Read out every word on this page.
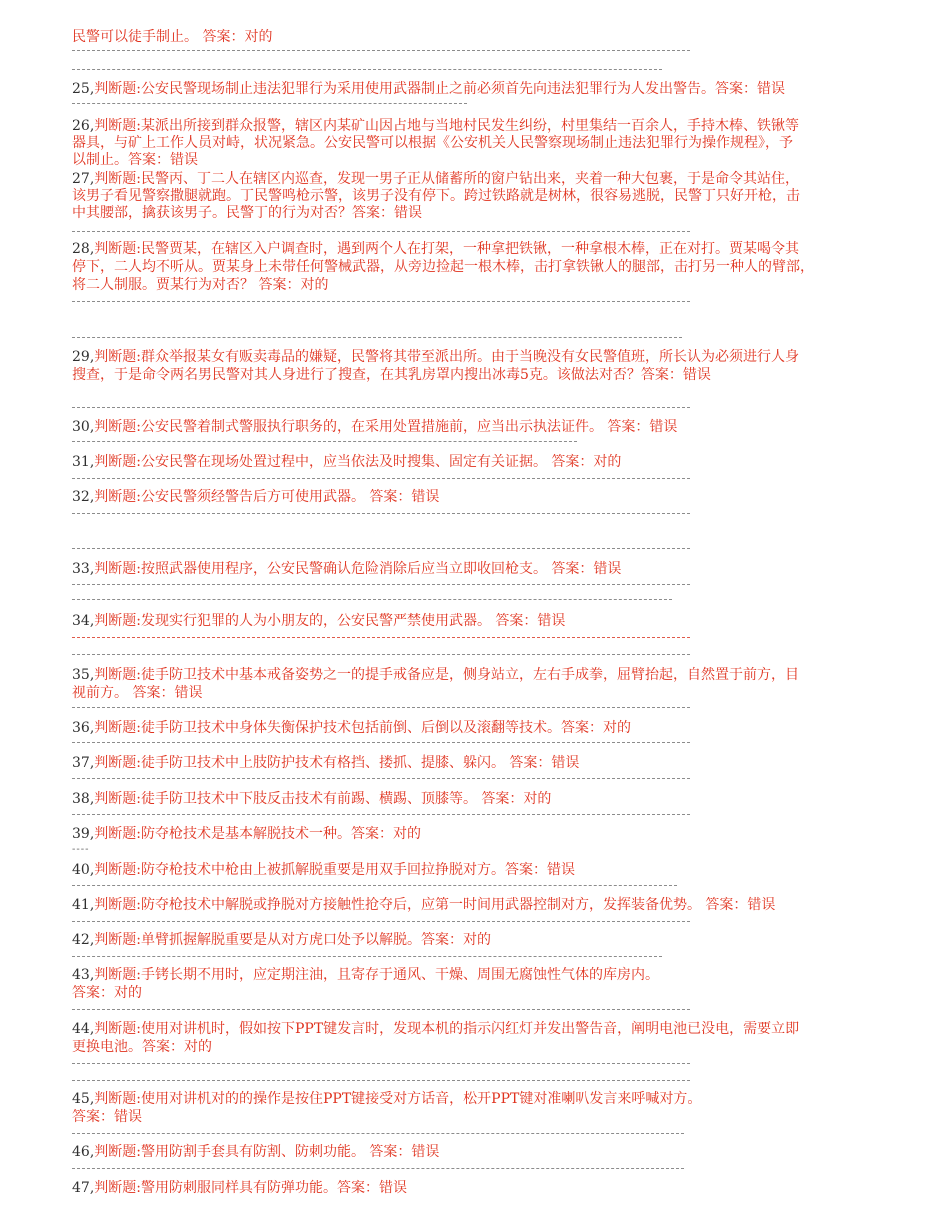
民警可以徒手制止。 答案：对的
25,判断题:公安民警现场制止违法犯罪行为采用使用武器制止之前必须首先向违法犯罪行为人发出警告。答案：错误
26,判断题:某派出所接到群众报警，辖区内某矿山因占地与当地村民发生纠纷，村里集结一百余人，手持木棒、铁锹等
器具，与矿上工作人员对峙，状况紧急。公安民警可以根据《公安机关人民警察现场制止违法犯罪行为操作规程》，予
以制止。答案：错误
27,判断题:民警丙、丁二人在辖区内巡查，发现一男子正从储蓄所的窗户钻出来，夹着一种大包裹，于是命令其站住，
该男子看见警察撒腿就跑。丁民警鸣枪示警，该男子没有停下。跨过铁路就是树林，很容易逃脱，民警丁只好开枪，击
中其腰部，擒获该男子。民警丁的行为对否？答案：错误
28,判断题:民警贾某，在辖区入户调查时，遇到两个人在打架，一种拿把铁锹，一种拿根木棒，正在对打。贾某喝令其
停下，二人均不听从。贾某身上未带任何警械武器，从旁边捡起一根木棒，击打拿铁锹人的腿部，击打另一种人的臂部，
将二人制服。贾某行为对否？ 答案：对的
29,判断题:群众举报某女有贩卖毒品的嫌疑，民警将其带至派出所。由于当晚没有女民警值班，所长认为必须进行人身
搜查，于是命令两名男民警对其人身进行了搜查，在其乳房罩内搜出冰毒5克。该做法对否？答案：错误
30,判断题:公安民警着制式警服执行职务的，在采用处置措施前，应当出示执法证件。 答案：错误
31,判断题:公安民警在现场处置过程中，应当依法及时搜集、固定有关证据。 答案：对的
32,判断题:公安民警须经警告后方可使用武器。 答案：错误
33,判断题:按照武器使用程序，公安民警确认危险消除后应当立即收回枪支。 答案：错误
34,判断题:发现实行犯罪的人为小朋友的，公安民警严禁使用武器。 答案：错误
35,判断题:徒手防卫技术中基本戒备姿势之一的提手戒备应是，侧身站立，左右手成拳，屈臂抬起，自然置于前方，目
视前方。 答案：错误
36,判断题:徒手防卫技术中身体失衡保护技术包括前倒、后倒以及滚翻等技术。答案：对的
37,判断题:徒手防卫技术中上肢防护技术有格挡、搂抓、提膝、躲闪。 答案：错误
38,判断题:徒手防卫技术中下肢反击技术有前踢、横踢、顶膝等。 答案：对的
39,判断题:防夺枪技术是基本解脱技术一种。答案：对的
----
40,判断题:防夺枪技术中枪由上被抓解脱重要是用双手回拉挣脱对方。答案：错误
41,判断题:防夺枪技术中解脱或挣脱对方接触性抢夺后，应第一时间用武器控制对方，发挥装备优势。 答案：错误
42,判断题:单臂抓握解脱重要是从对方虎口处予以解脱。答案：对的
43,判断题:手铐长期不用时，应定期注油，且寄存于通风、干燥、周围无腐蚀性气体的库房内。
答案：对的
44,判断题:使用对讲机时，假如按下PPT键发言时，发现本机的指示闪红灯并发出警告音，阐明电池已没电，需要立即
更换电池。答案：对的
45,判断题:使用对讲机对的的操作是按住PPT键接受对方话音，松开PPT键对准喇叭发言来呼喊对方。
答案：错误
46,判断题:警用防割手套具有防割、防刺功能。 答案：错误
47,判断题:警用防刺服同样具有防弹功能。答案：错误
